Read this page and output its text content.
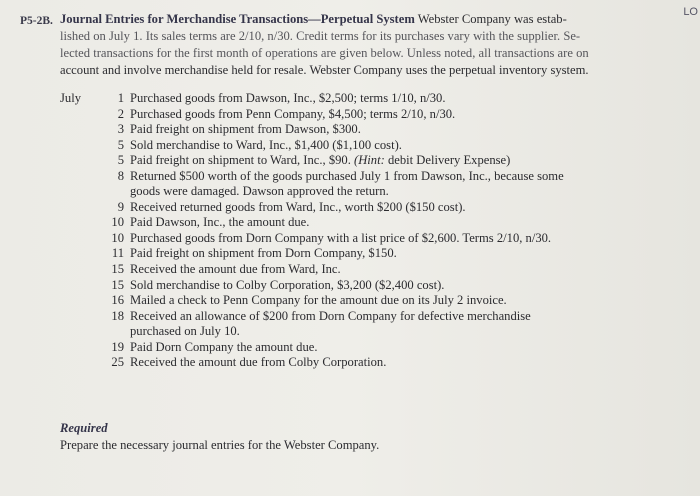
P5-2B.
LO
Journal Entries for Merchandise Transactions—Perpetual System Webster Company was estab-
lished on July 1. Its sales terms are 2/10, n/30. Credit terms for its purchases vary with the supplier. Se-
lected transactions for the first month of operations are given below. Unless noted, all transactions are on
account and involve merchandise held for resale. Webster Company uses the perpetual inventory system.
July	1 Purchased goods from Dawson, Inc., $2,500; terms 1/10, n/30.
2 Purchased goods from Penn Company, $4,500; terms 2/10, n/30.
3 Paid freight on shipment from Dawson, $300.
5 Sold merchandise to Ward, Inc., $1,400 ($1,100 cost).
5 Paid freight on shipment to Ward, Inc., $90. (Hint: debit Delivery Expense)
8 Returned $500 worth of the goods purchased July 1 from Dawson, Inc., because some
goods were damaged. Dawson approved the return.
9 Received returned goods from Ward, Inc., worth $200 ($150 cost).
10 Paid Dawson, Inc., the amount due.
10 Purchased goods from Dorn Company with a list price of $2,600. Terms 2/10, n/30.
11 Paid freight on shipment from Dorn Company, $150.
15 Received the amount due from Ward, Inc.
15 Sold merchandise to Colby Corporation, $3,200 ($2,400 cost).
16 Mailed a check to Penn Company for the amount due on its July 2 invoice.
18 Received an allowance of $200 from Dorn Company for defective merchandise
purchased on July 10.
19 Paid Dorn Company the amount due.
25 Received the amount due from Colby Corporation.
Required
Prepare the necessary journal entries for the Webster Company.
